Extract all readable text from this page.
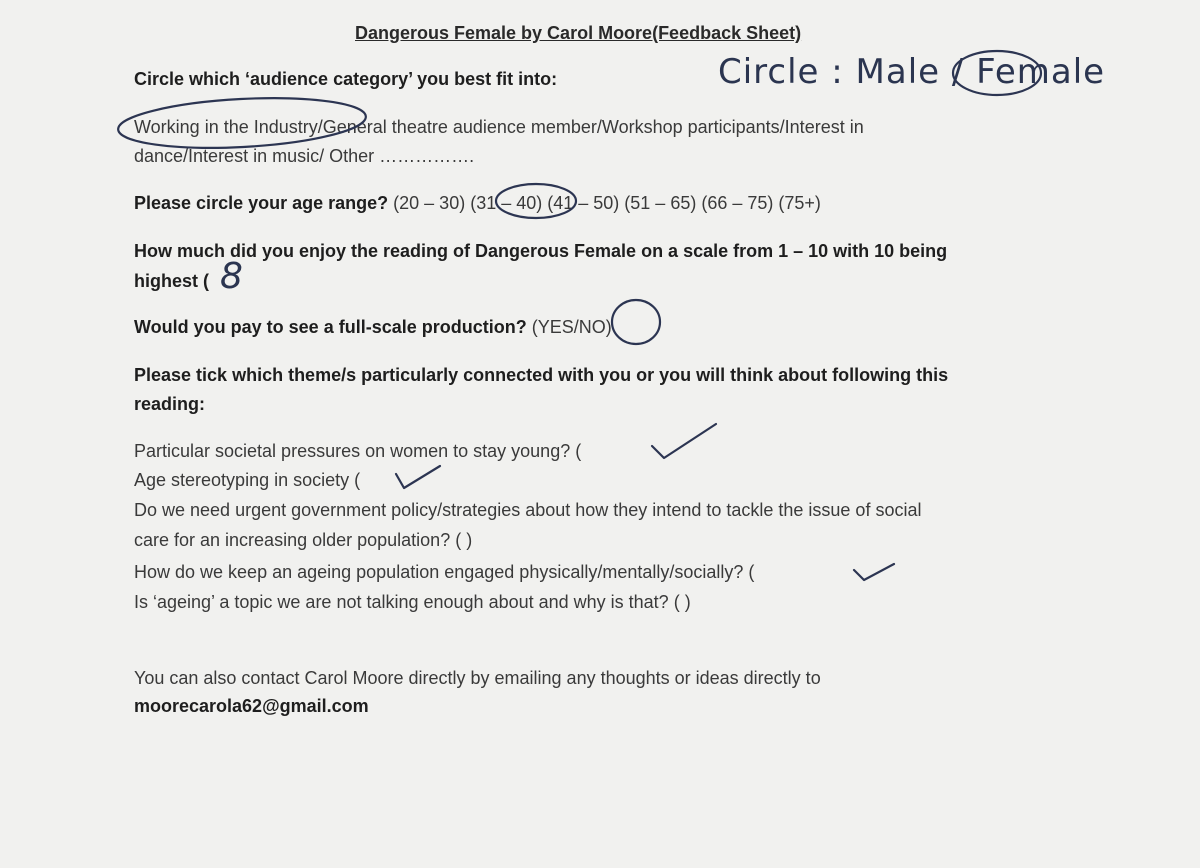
Dangerous Female by Carol Moore(Feedback Sheet)
Circle which ‘audience category’ you best fit into:	Circle : Male / Female
Working in the Industry/General theatre audience member/Workshop participants/Interest in
dance/Interest in music/ Other …………….
Please circle your age range? (20 – 30) (31 – 40) (41 – 50) (51 – 65) (66 – 75) (75+)
How much did you enjoy the reading of Dangerous Female on a scale from 1 – 10 with 10 being
highest ( 8
Would you pay to see a full-scale production? (YES/NO)
Please tick which theme/s particularly connected with you or you will think about following this
reading:
Particular societal pressures on women to stay young? (
Age stereotyping in society (
Do we need urgent government policy/strategies about how they intend to tackle the issue of social
care for an increasing older population? ( )
How do we keep an ageing population engaged physically/mentally/socially? (
Is ‘ageing’ a topic we are not talking enough about and why is that? ( )
You can also contact Carol Moore directly by emailing any thoughts or ideas directly to
moorecarola62@gmail.com
